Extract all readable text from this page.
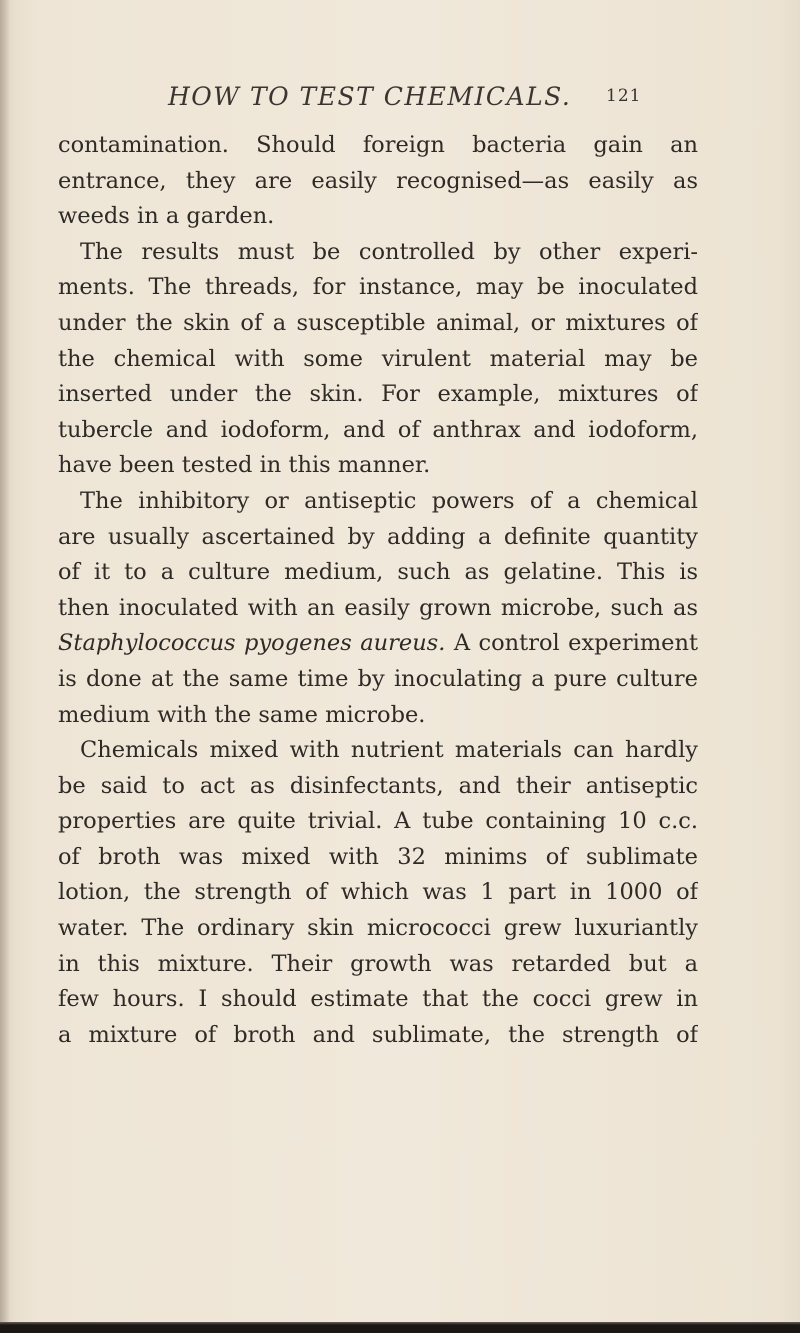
HOW TO TEST CHEMICALS. 121
contamination. Should foreign bacteria gain an
entrance, they are easily recognised—as easily as
weeds in a garden.
The results must be controlled by other experi-
ments. The threads, for instance, may be inoculated
under the skin of a susceptible animal, or mixtures of
the chemical with some virulent material may be
inserted under the skin. For example, mixtures of
tubercle and iodoform, and of anthrax and iodoform,
have been tested in this manner.
The inhibitory or antiseptic powers of a chemical
are usually ascertained by adding a definite quantity
of it to a culture medium, such as gelatine. This is
then inoculated with an easily grown microbe, such as
Staphylococcus pyogenes aureus. A control experiment
is done at the same time by inoculating a pure culture
medium with the same microbe.
Chemicals mixed with nutrient materials can hardly
be said to act as disinfectants, and their antiseptic
properties are quite trivial. A tube containing 10 c.c.
of broth was mixed with 32 minims of sublimate
lotion, the strength of which was 1 part in 1000 of
water. The ordinary skin micrococci grew luxuriantly
in this mixture. Their growth was retarded but a
few hours. I should estimate that the cocci grew in
a mixture of broth and sublimate, the strength of
